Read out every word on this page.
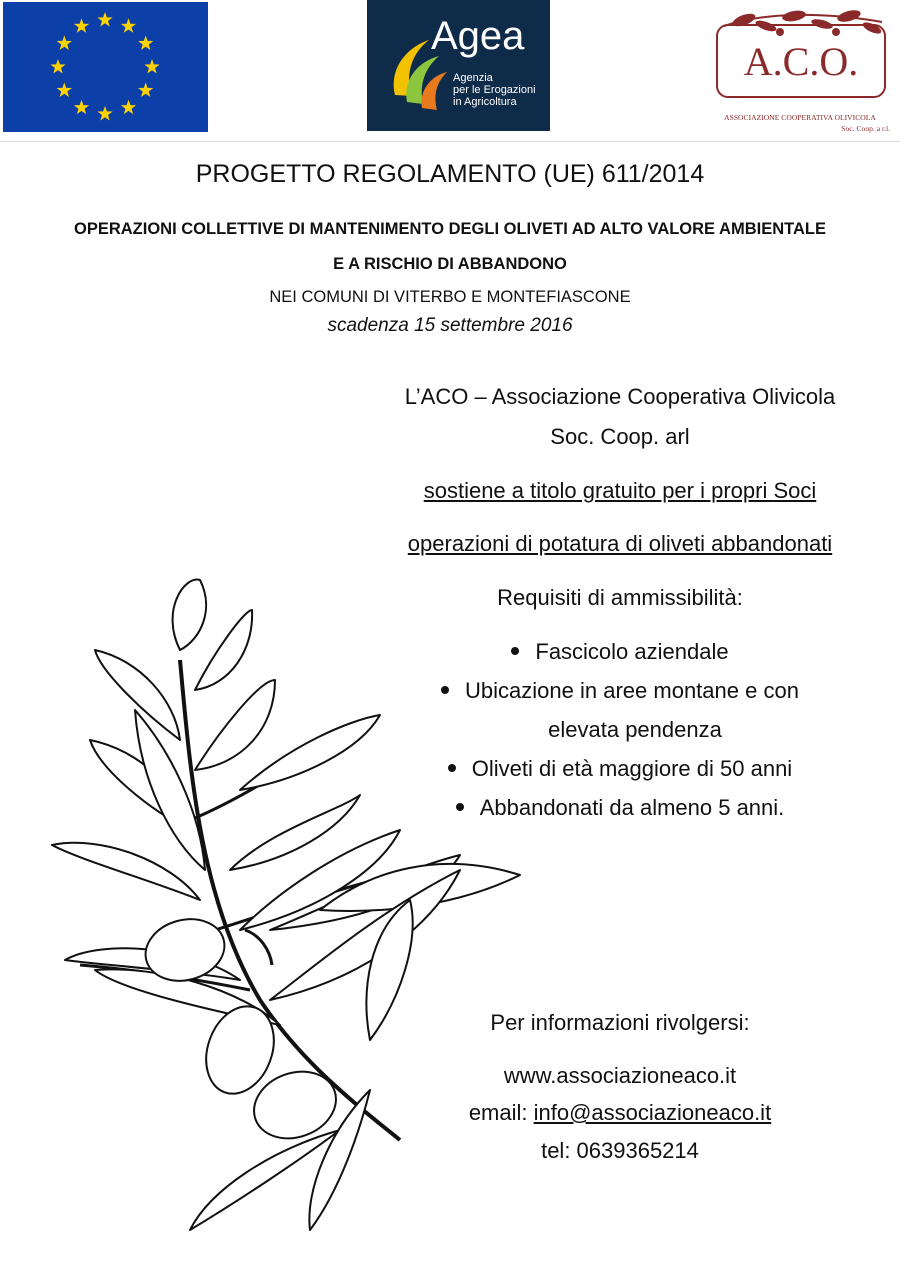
Agea
Agenzia
per le Erogazioni
in Agricoltura
A.C.O.
ASSOCIAZIONE COOPERATIVA OLIVICOLA
Soc. Coop. a r.l.
PROGETTO REGOLAMENTO (UE) 611/2014
OPERAZIONI COLLETTIVE DI MANTENIMENTO DEGLI OLIVETI AD ALTO VALORE AMBIENTALE
E A RISCHIO DI ABBANDONO
NEI COMUNI DI VITERBO E MONTEFIASCONE
scadenza 15 settembre 2016
L’ACO – Associazione Cooperativa Olivicola
Soc. Coop. arl
sostiene a titolo gratuito per i propri Soci
operazioni di potatura di oliveti abbandonati
Requisiti di ammissibilità:
Fascicolo aziendale
Ubicazione in aree montane e con
elevata pendenza
Oliveti di età maggiore di 50 anni
Abbandonati da almeno 5 anni.
Per informazioni rivolgersi:
www.associazioneaco.it
email: info@associazioneaco.it
tel: 0639365214
